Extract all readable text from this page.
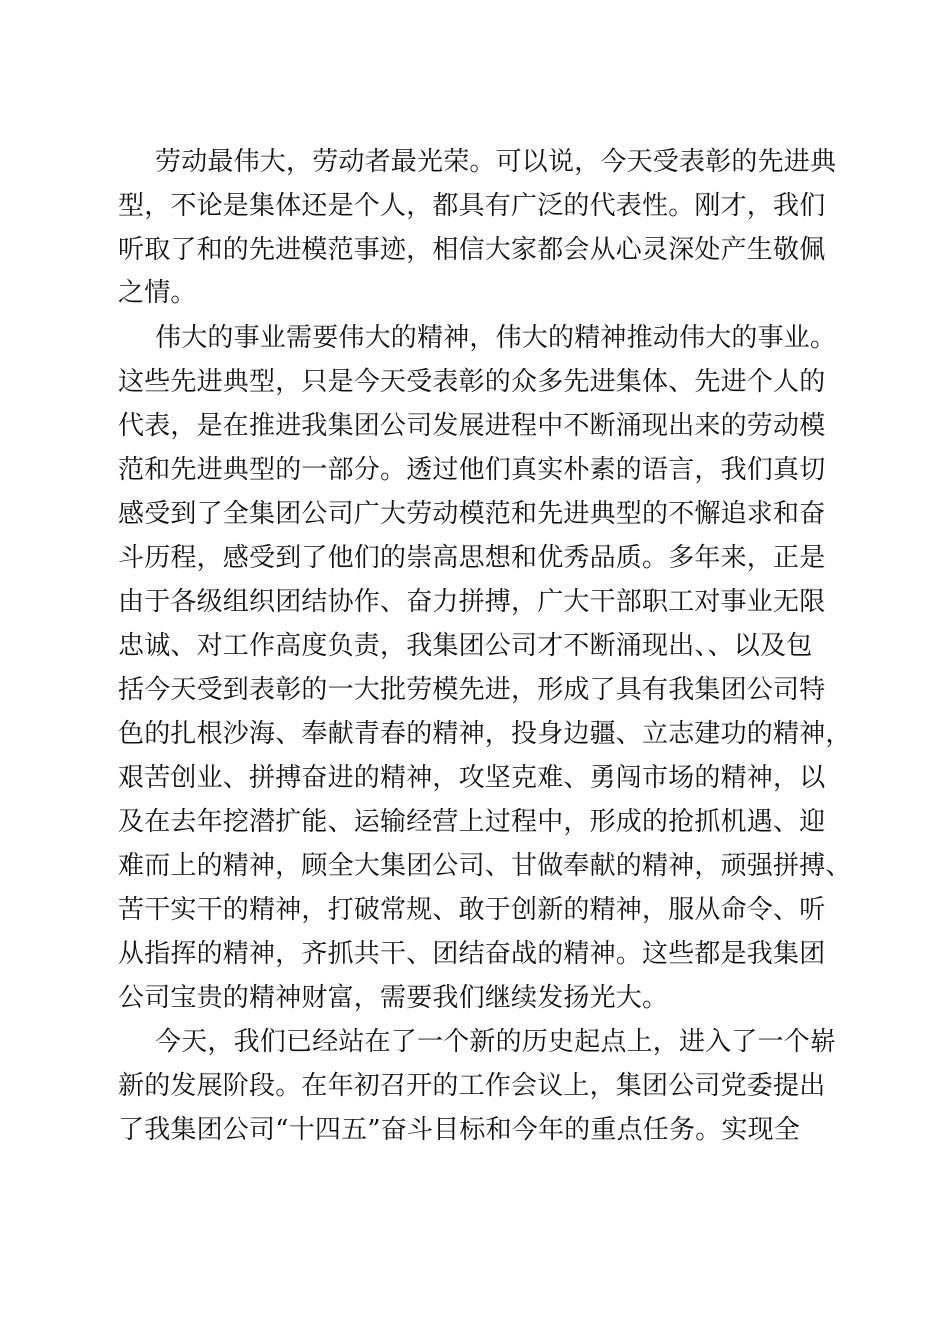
劳动最伟大，劳动者最光荣。可以说，今天受表彰的先进典

型，不论是集体还是个人，都具有广泛的代表性。刚才，我们

听取了和的先进模范事迹，相信大家都会从心灵深处产生敬佩

之情。

伟大的事业需要伟大的精神，伟大的精神推动伟大的事业。

这些先进典型，只是今天受表彰的众多先进集体、先进个人的

代表，是在推进我集团公司发展进程中不断涌现出来的劳动模

范和先进典型的一部分。透过他们真实朴素的语言，我们真切

感受到了全集团公司广大劳动模范和先进典型的不懈追求和奋

斗历程，感受到了他们的崇高思想和优秀品质。多年来，正是

由于各级组织团结协作、奋力拼搏，广大干部职工对事业无限

忠诚、对工作高度负责，我集团公司才不断涌现出、、以及包

括今天受到表彰的一大批劳模先进，形成了具有我集团公司特

色的扎根沙海、奉献青春的精神，投身边疆、立志建功的精神，

艰苦创业、拼搏奋进的精神，攻坚克难、勇闯市场的精神，以

及在去年挖潜扩能、运输经营上过程中，形成的抢抓机遇、迎

难而上的精神，顾全大集团公司、甘做奉献的精神，顽强拼搏、

苦干实干的精神，打破常规、敢于创新的精神，服从命令、听

从指挥的精神，齐抓共干、团结奋战的精神。这些都是我集团

公司宝贵的精神财富，需要我们继续发扬光大。

今天，我们已经站在了一个新的历史起点上，进入了一个崭

新的发展阶段。在年初召开的工作会议上，集团公司党委提出

了我集团公司“十四五”奋斗目标和今年的重点任务。实现全
